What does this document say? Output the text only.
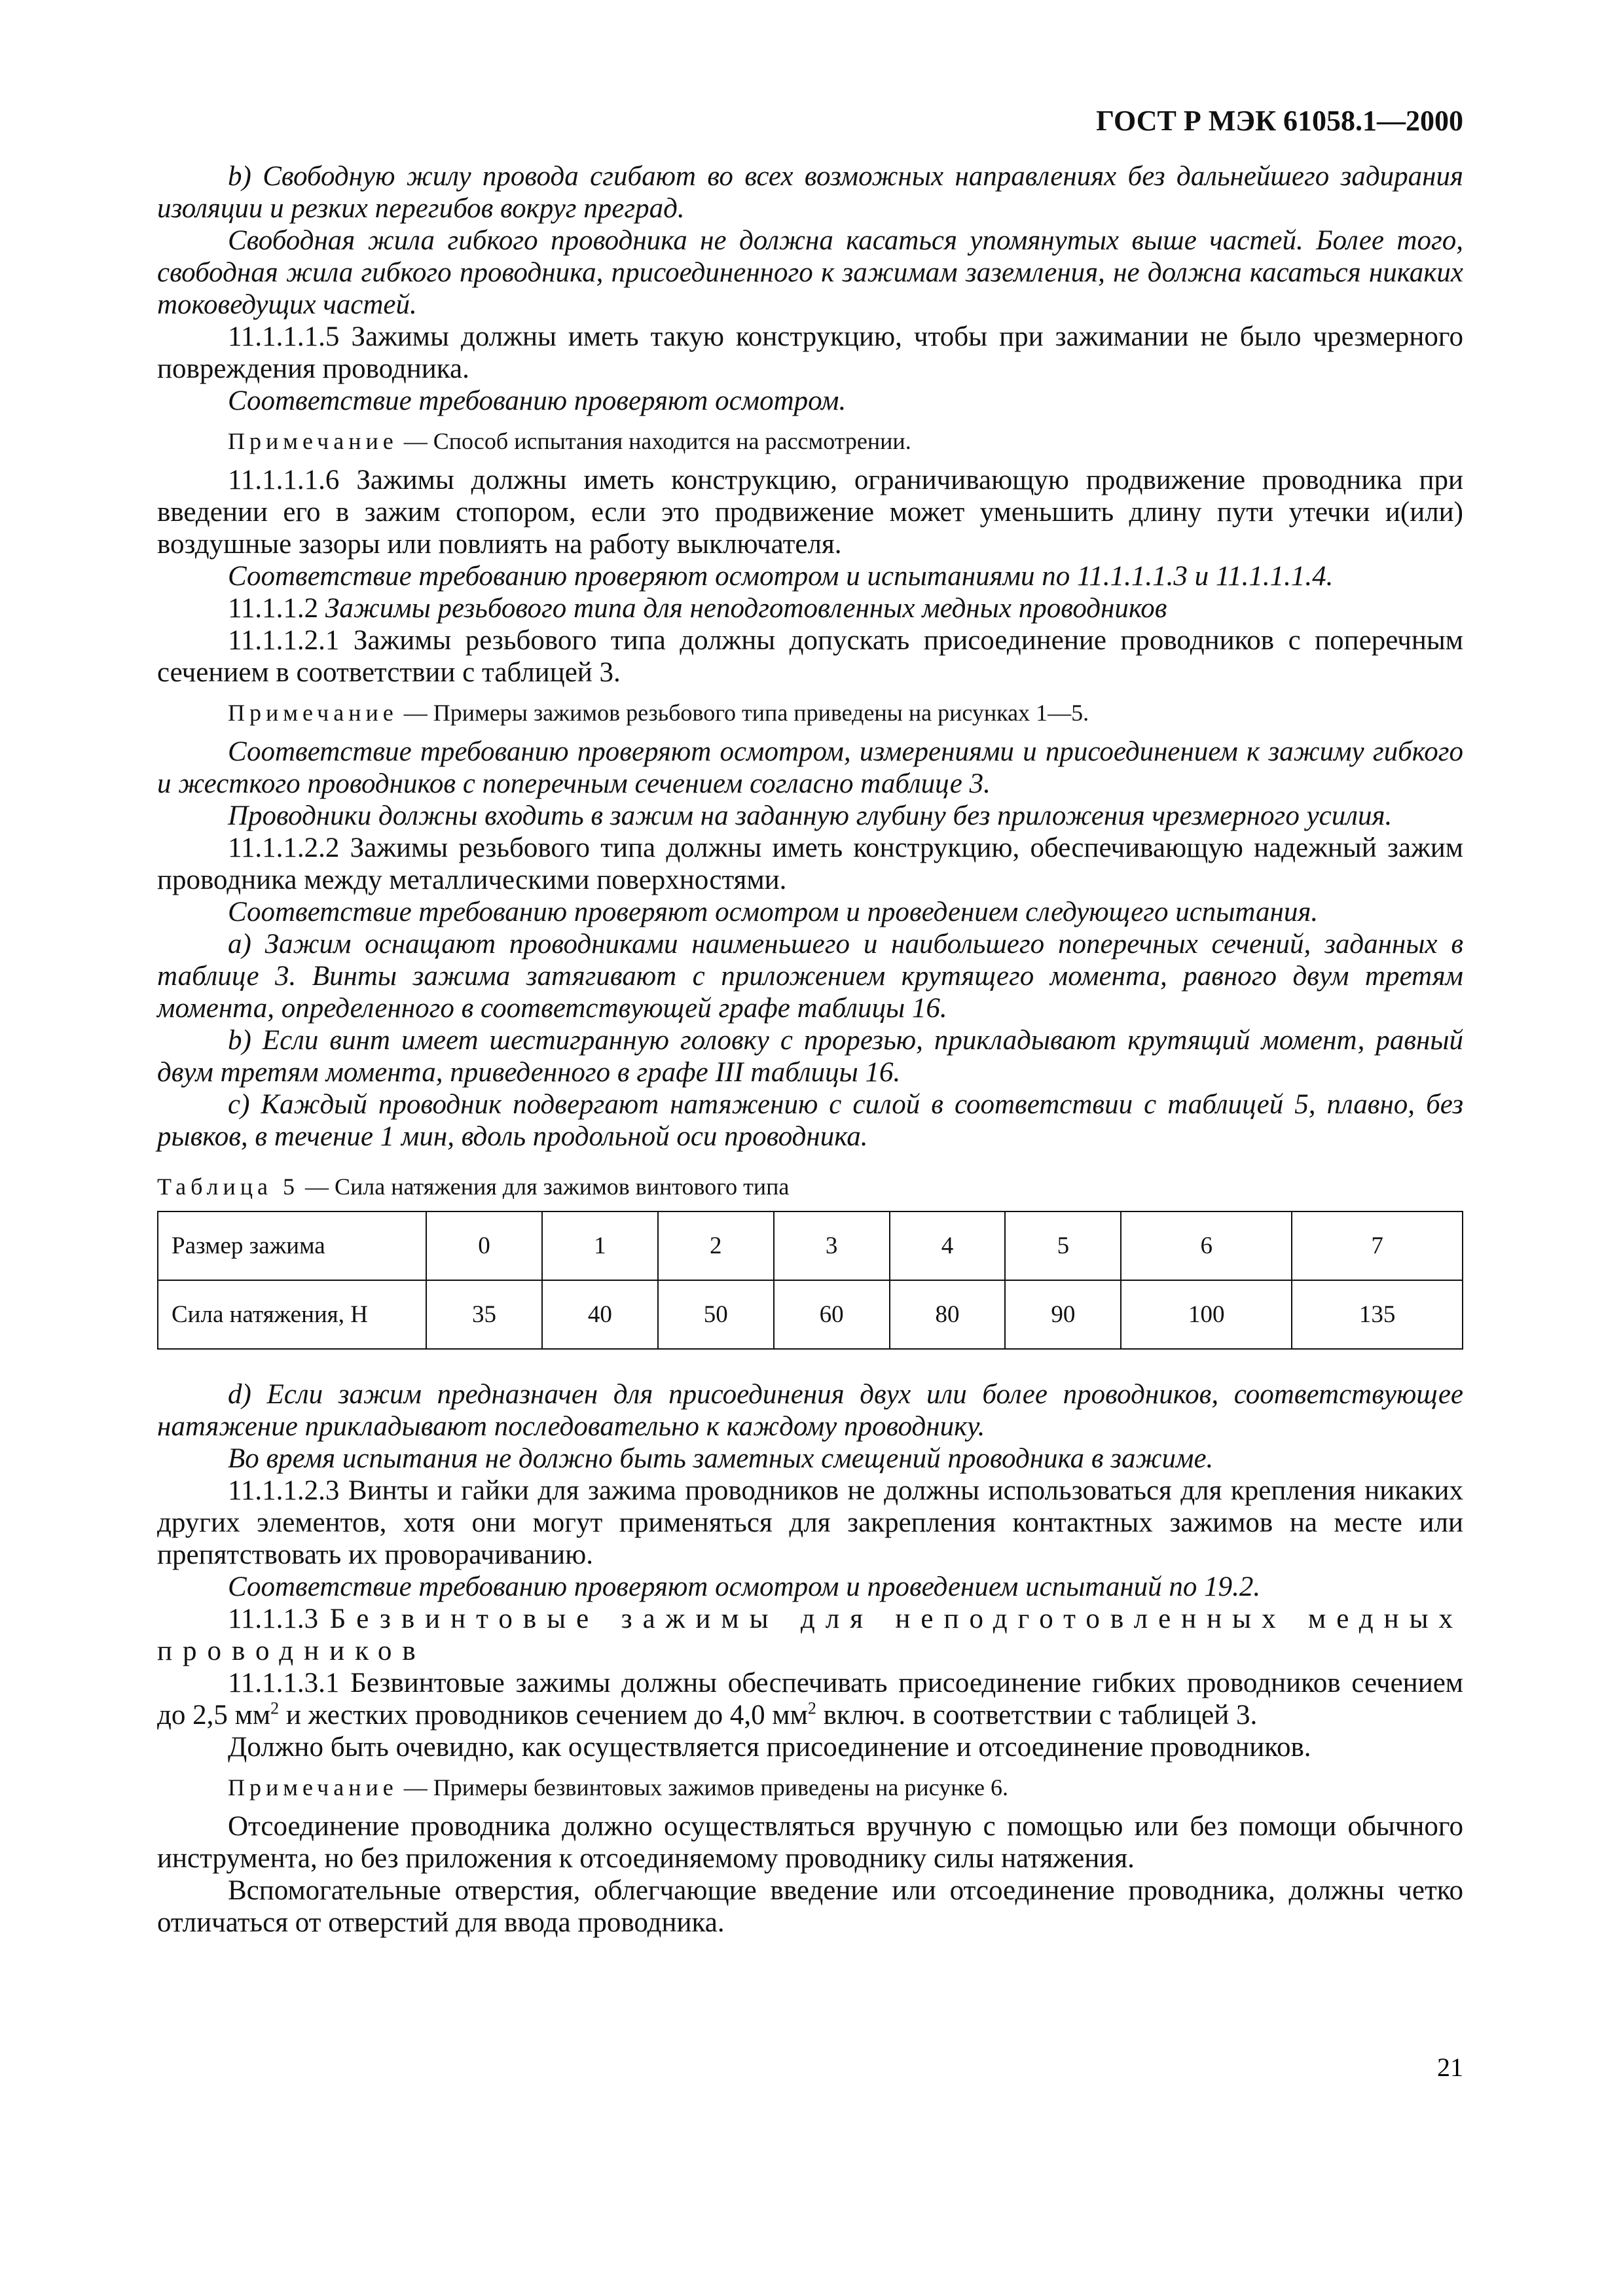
ГОСТ Р МЭК 61058.1—2000

b) Свободную жилу провода сгибают во всех возможных направлениях без дальнейшего задирания изоляции и резких перегибов вокруг преград.

Свободная жила гибкого проводника не должна касаться упомянутых выше частей. Более того, свободная жила гибкого проводника, присоединенного к зажимам заземления, не должна касаться никаких токоведущих частей.

11.1.1.1.5 Зажимы должны иметь такую конструкцию, чтобы при зажимании не было чрезмерного повреждения проводника.

Соответствие требованию проверяют осмотром.

Примечание — Способ испытания находится на рассмотрении.

11.1.1.1.6 Зажимы должны иметь конструкцию, ограничивающую продвижение проводника при введении его в зажим стопором, если это продвижение может уменьшить длину пути утечки и(или) воздушные зазоры или повлиять на работу выключателя.

Соответствие требованию проверяют осмотром и испытаниями по 11.1.1.1.3 и 11.1.1.1.4.

11.1.1.2 Зажимы резьбового типа для неподготовленных медных проводников

11.1.1.2.1 Зажимы резьбового типа должны допускать присоединение проводников с поперечным сечением в соответствии с таблицей 3.

Примечание — Примеры зажимов резьбового типа приведены на рисунках 1—5.

Соответствие требованию проверяют осмотром, измерениями и присоединением к зажиму гибкого и жесткого проводников с поперечным сечением согласно таблице 3.

Проводники должны входить в зажим на заданную глубину без приложения чрезмерного усилия.

11.1.1.2.2 Зажимы резьбового типа должны иметь конструкцию, обеспечивающую надежный зажим проводника между металлическими поверхностями.

Соответствие требованию проверяют осмотром и проведением следующего испытания.

a) Зажим оснащают проводниками наименьшего и наибольшего поперечных сечений, заданных в таблице 3. Винты зажима затягивают с приложением крутящего момента, равного двум третям момента, определенного в соответствующей графе таблицы 16.

b) Если винт имеет шестигранную головку с прорезью, прикладывают крутящий момент, равный двум третям момента, приведенного в графе III таблицы 16.

c) Каждый проводник подвергают натяжению с силой в соответствии с таблицей 5, плавно, без рывков, в течение 1 мин, вдоль продольной оси проводника.

Таблица 5 — Сила натяжения для зажимов винтового типа

Размер зажима	0	1	2	3	4	5	6	7
Сила натяжения, Н	35	40	50	60	80	90	100	135

d) Если зажим предназначен для присоединения двух или более проводников, соответствующее натяжение прикладывают последовательно к каждому проводнику.

Во время испытания не должно быть заметных смещений проводника в зажиме.

11.1.1.2.3 Винты и гайки для зажима проводников не должны использоваться для крепления никаких других элементов, хотя они могут применяться для закрепления контактных зажимов на месте или препятствовать их проворачиванию.

Соответствие требованию проверяют осмотром и проведением испытаний по 19.2.

11.1.1.3 Безвинтовые зажимы для неподготовленных медных проводников

11.1.1.3.1 Безвинтовые зажимы должны обеспечивать присоединение гибких проводников сечением до 2,5 $мм^2$ и жестких проводников сечением до 4,0 $мм^2$ включ. в соответствии с таблицей 3.

Должно быть очевидно, как осуществляется присоединение и отсоединение проводников.

Примечание — Примеры безвинтовых зажимов приведены на рисунке 6.

Отсоединение проводника должно осуществляться вручную с помощью или без помощи обычного инструмента, но без приложения к отсоединяемому проводнику силы натяжения.

Вспомогательные отверстия, облегчающие введение или отсоединение проводника, должны четко отличаться от отверстий для ввода проводника.

21
